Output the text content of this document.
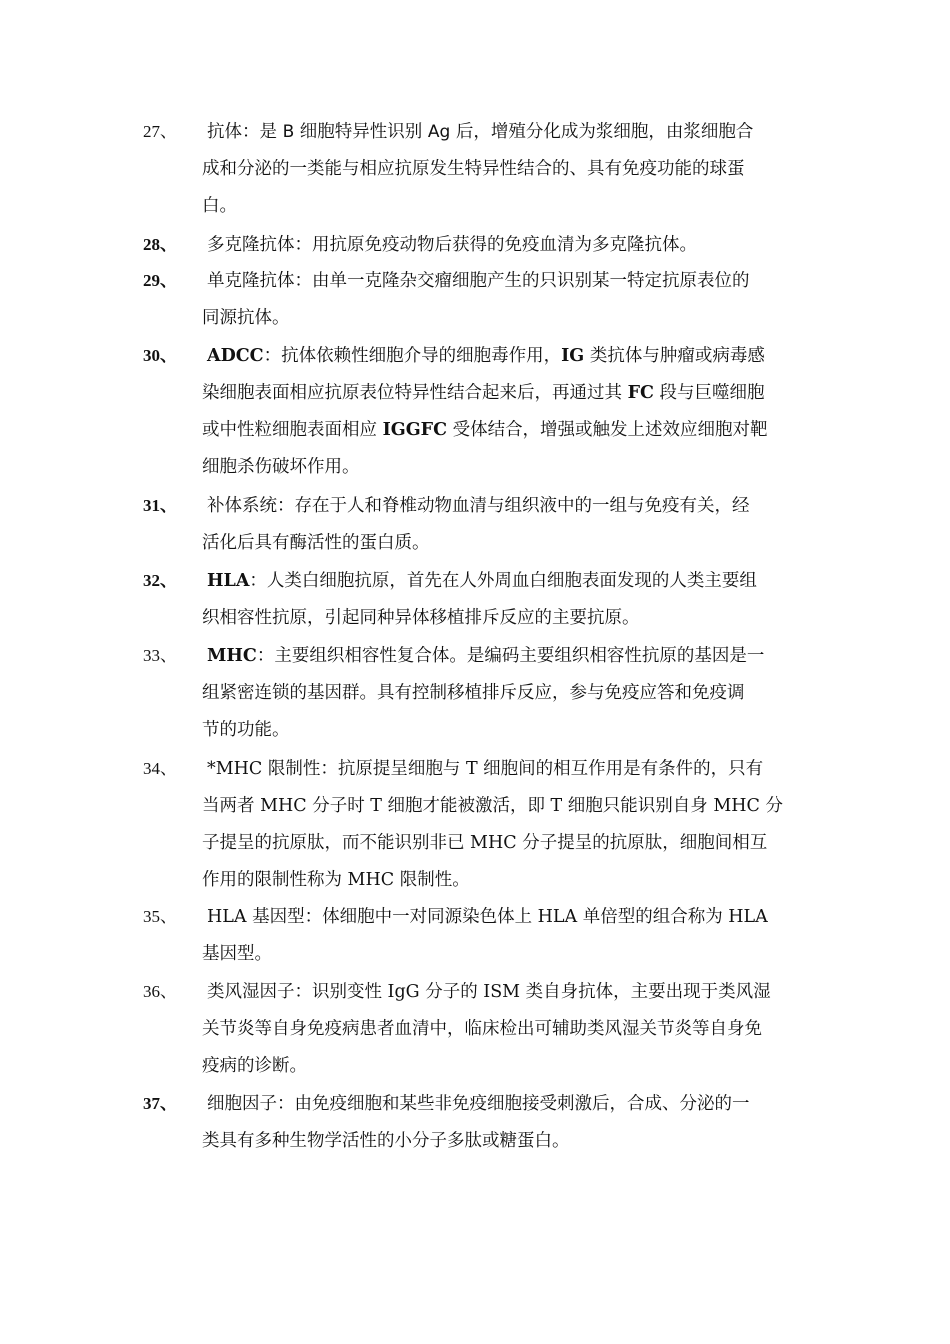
27、	抗体：是 B 细胞特异性识别 Ag 后，增殖分化成为浆细胞，由浆细胞合
成和分泌的一类能与相应抗原发生特异性结合的、具有免疫功能的球蛋
白。
28、	多克隆抗体：用抗原免疫动物后获得的免疫血清为多克隆抗体。
29、	单克隆抗体：由单一克隆杂交瘤细胞产生的只识别某一特定抗原表位的
同源抗体。
30、	ADCC：抗体依赖性细胞介导的细胞毒作用，IG 类抗体与肿瘤或病毒感
染细胞表面相应抗原表位特异性结合起来后，再通过其 FC 段与巨噬细胞
或中性粒细胞表面相应 IGGFC 受体结合，增强或触发上述效应细胞对靶
细胞杀伤破坏作用。
31、	补体系统：存在于人和脊椎动物血清与组织液中的一组与免疫有关，经
活化后具有酶活性的蛋白质。
32、	HLA：人类白细胞抗原，首先在人外周血白细胞表面发现的人类主要组
织相容性抗原，引起同种异体移植排斥反应的主要抗原。
33、	MHC：主要组织相容性复合体。是编码主要组织相容性抗原的基因是一
组紧密连锁的基因群。具有控制移植排斥反应，参与免疫应答和免疫调
节的功能。
34、	*MHC 限制性：抗原提呈细胞与 T 细胞间的相互作用是有条件的，只有
当两者 MHC 分子时 T 细胞才能被激活，即 T 细胞只能识别自身 MHC 分
子提呈的抗原肽，而不能识别非已 MHC 分子提呈的抗原肽，细胞间相互
作用的限制性称为 MHC 限制性。
35、	HLA 基因型：体细胞中一对同源染色体上 HLA 单倍型的组合称为 HLA
基因型。
36、	类风湿因子：识别变性 IgG 分子的 ISM 类自身抗体，主要出现于类风湿
关节炎等自身免疫病患者血清中，临床检出可辅助类风湿关节炎等自身免
疫病的诊断。
37、	细胞因子：由免疫细胞和某些非免疫细胞接受刺激后，合成、分泌的一
类具有多种生物学活性的小分子多肽或糖蛋白。
